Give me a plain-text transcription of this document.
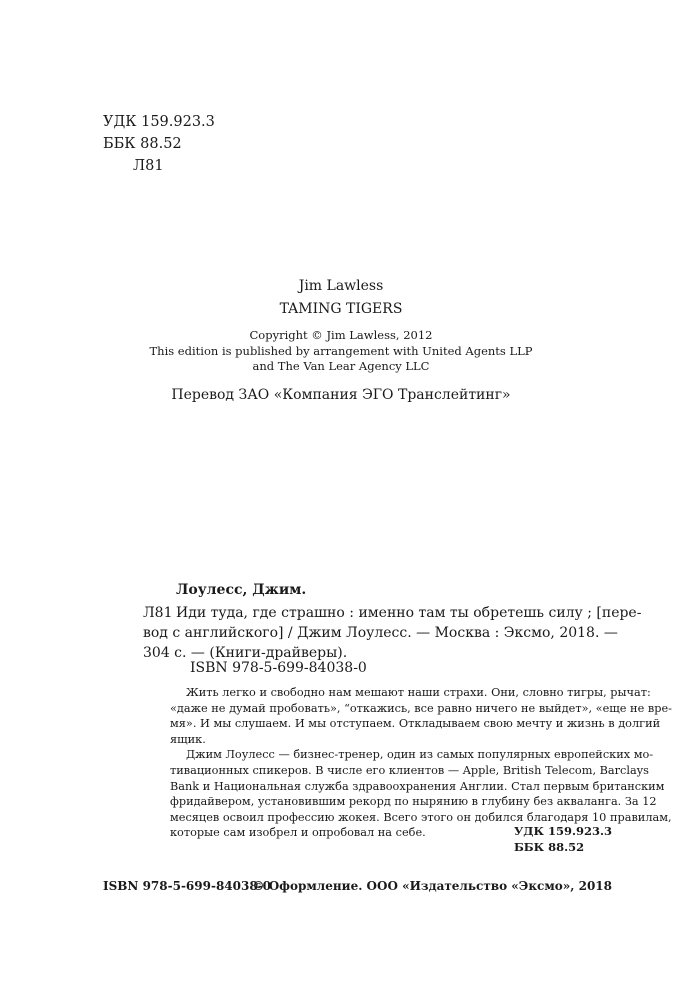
УДК 159.923.3
ББК 88.52
Л81
Jim Lawless
TAMING TIGERS
Copyright © Jim Lawless, 2012
This edition is published by arrangement with United Agents LLP
and The Van Lear Agency LLC
Перевод ЗАО «Компания ЭГО Транслейтинг»
Лоулесс, Джим.
Л81 Иди туда, где страшно : именно там ты обретешь силу ; [пере-
вод с английского] / Джим Лоулесс. — Москва : Эксмо, 2018. —
304 с. — (Книги-драйверы).
ISBN 978-5-699-84038-0
Жить легко и свободно нам мешают наши страхи. Они, словно тигры, рычат:
«даже не думай пробовать», “откажись, все равно ничего не выйдет», «еще не вре-
мя». И мы слушаем. И мы отступаем. Откладываем свою мечту и жизнь в долгий
ящик.
Джим Лоулесс — бизнес-тренер, один из самых популярных европейских мо-
тивационных спикеров. В числе его клиентов — Apple, British Telecom, Barclays
Bank и Национальная служба здравоохранения Англии. Стал первым британским
фридайвером, установившим рекорд по нырянию в глубину без акваланга. За 12
месяцев освоил профессию жокея. Всего этого он добился благодаря 10 правилам,
которые сам изобрел и опробовал на себе.	УДК 159.923.3
ББК 88.52
ISBN 978-5-699-84038-0
© Оформление. ООО «Издательство «Эксмо», 2018
